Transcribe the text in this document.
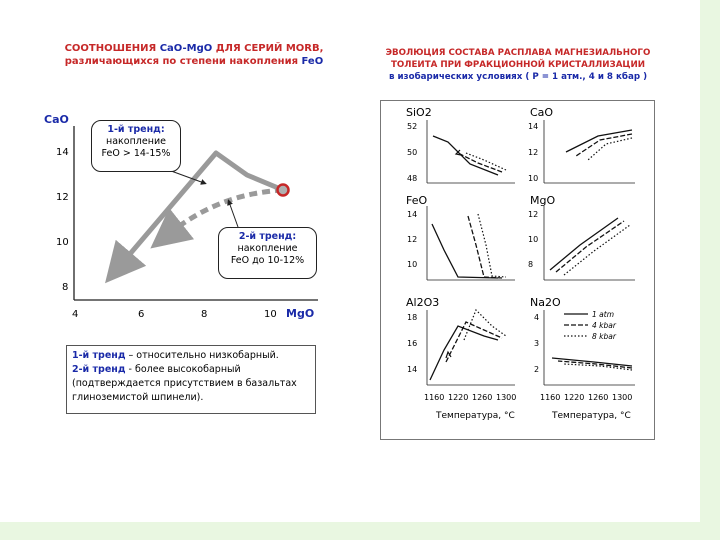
СООТНОШЕНИЯ CaO-MgO ДЛЯ СЕРИЙ MORB,
различающихся по степени накопления FeO
CaO
14
12
10
8
4	6	8	10 MgO
1-й тренд:
накопление
FeO > 14-15%
2-й тренд:
накопление
FeO до 10-12%
1-й тренд – относительно низкобарный.
2-й тренд - более высокобарный
(подтверждается присутствием в базальтах
глиноземистой шпинели).
ЭВОЛЮЦИЯ СОСТАВА РАСПЛАВА МАГНЕЗИАЛЬНОГО
ТОЛЕИТА ПРИ ФРАКЦИОННОЙ КРИСТАЛЛИЗАЦИИ
в изобарических условиях ( Р = 1 атм., 4 и 8 кбар )
SiO2
52
50
48
CaO
14
12
10
FeO
14
12
10
MgO
12
10
8
Al2O3
18
16
14
Na2O
4
3
2
1 atm
4 kbar
8 kbar
1160 1220 1260 1300
Температура, °C
1160 1220 1260 1300
Температура, °C
